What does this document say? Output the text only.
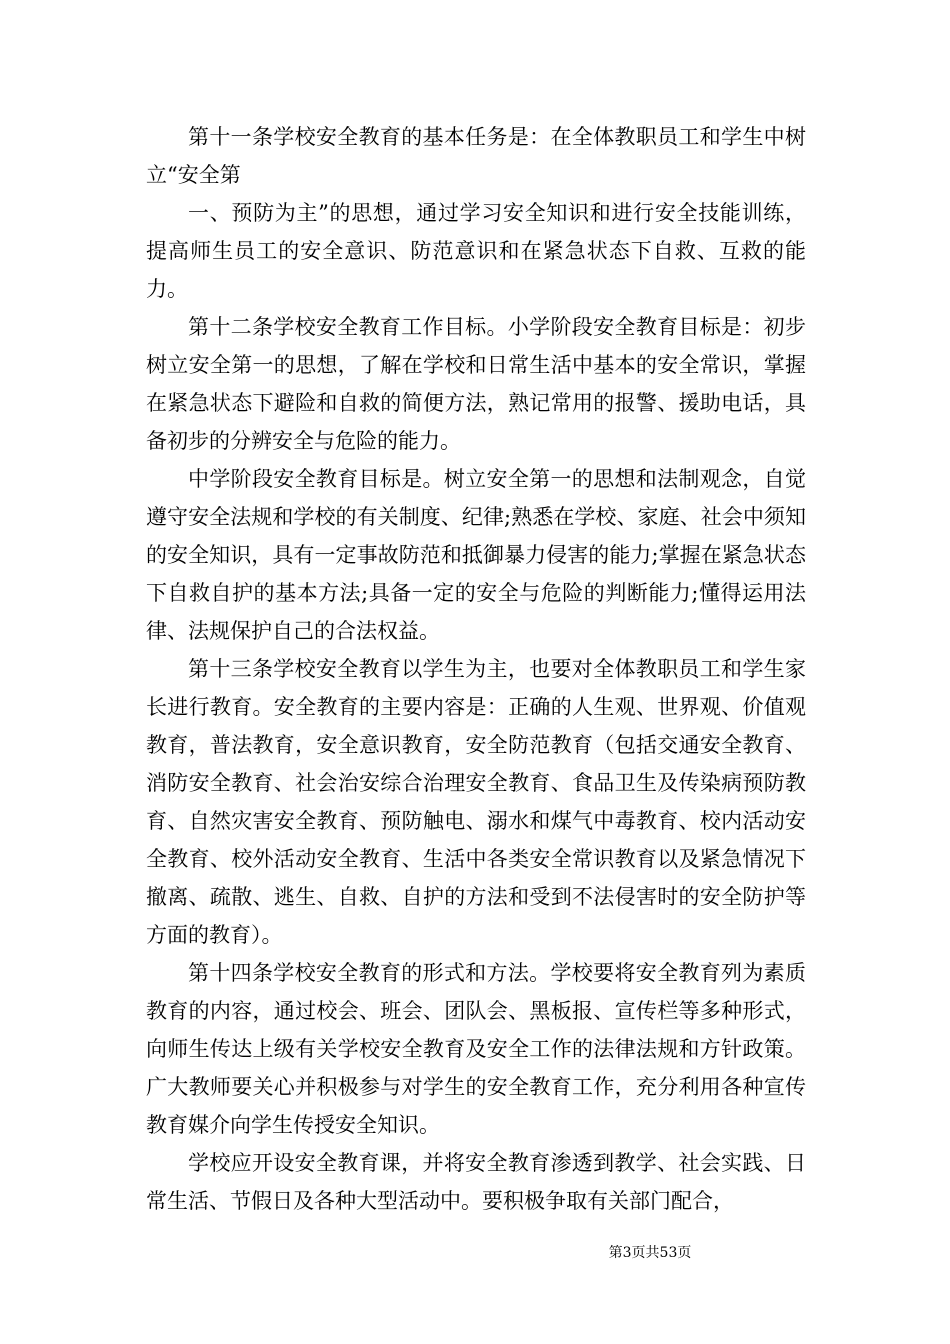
第十一条学校安全教育的基本任务是：在全体教职员工和学生中树立“安全第

一、预防为主”的思想，通过学习安全知识和进行安全技能训练，提高师生员工的安全意识、防范意识和在紧急状态下自救、互救的能力。

第十二条学校安全教育工作目标。小学阶段安全教育目标是：初步树立安全第一的思想，了解在学校和日常生活中基本的安全常识，掌握在紧急状态下避险和自救的简便方法，熟记常用的报警、援助电话，具备初步的分辨安全与危险的能力。

中学阶段安全教育目标是。树立安全第一的思想和法制观念，自觉遵守安全法规和学校的有关制度、纪律;熟悉在学校、家庭、社会中须知的安全知识，具有一定事故防范和抵御暴力侵害的能力;掌握在紧急状态下自救自护的基本方法;具备一定的安全与危险的判断能力;懂得运用法律、法规保护自己的合法权益。

第十三条学校安全教育以学生为主，也要对全体教职员工和学生家长进行教育。安全教育的主要内容是：正确的人生观、世界观、价值观教育，普法教育，安全意识教育，安全防范教育（包括交通安全教育、消防安全教育、社会治安综合治理安全教育、食品卫生及传染病预防教育、自然灾害安全教育、预防触电、溺水和煤气中毒教育、校内活动安全教育、校外活动安全教育、生活中各类安全常识教育以及紧急情况下撤离、疏散、逃生、自救、自护的方法和受到不法侵害时的安全防护等方面的教育）。

第十四条学校安全教育的形式和方法。学校要将安全教育列为素质教育的内容，通过校会、班会、团队会、黑板报、宣传栏等多种形式，向师生传达上级有关学校安全教育及安全工作的法律法规和方针政策。广大教师要关心并积极参与对学生的安全教育工作，充分利用各种宣传教育媒介向学生传授安全知识。

学校应开设安全教育课，并将安全教育渗透到教学、社会实践、日常生活、节假日及各种大型活动中。要积极争取有关部门配合，

第3页共53页
